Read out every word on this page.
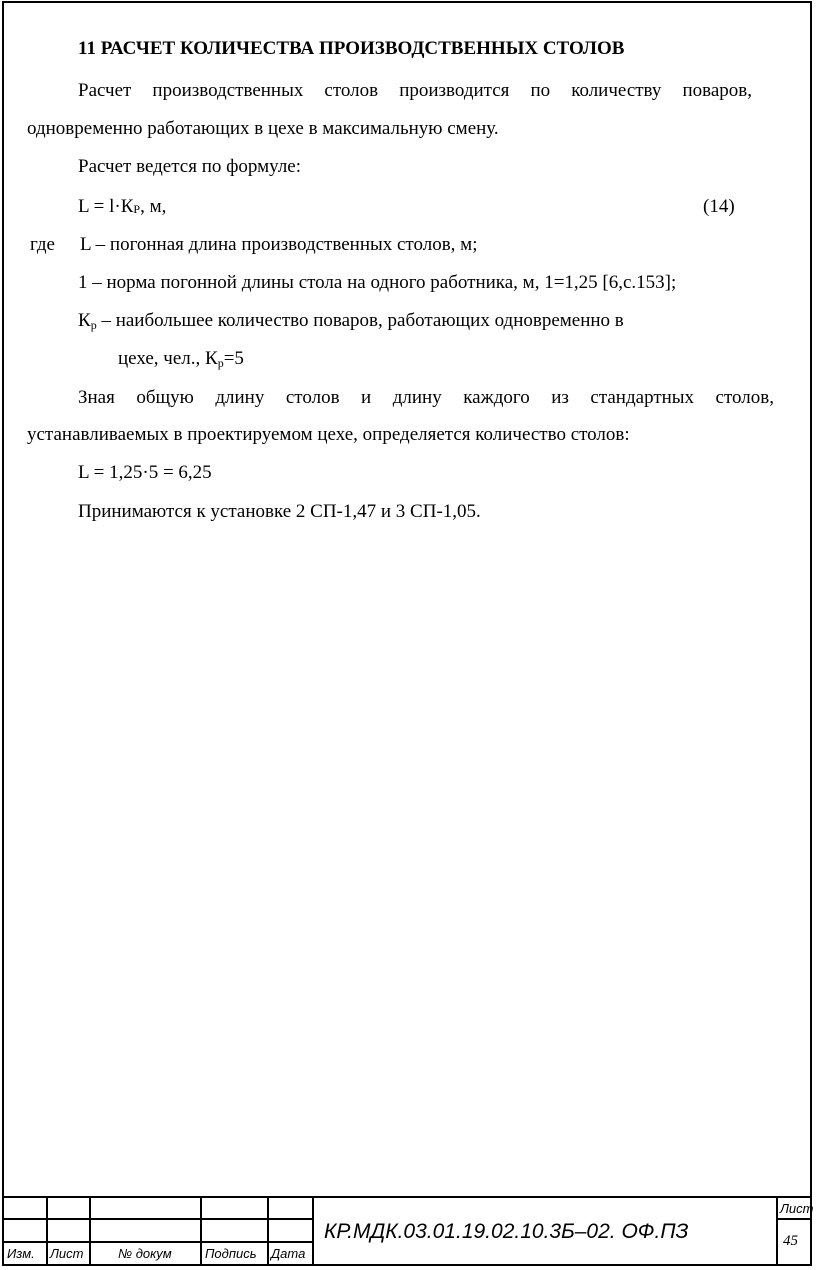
11 РАСЧЕТ КОЛИЧЕСТВА ПРОИЗВОДСТВЕННЫХ СТОЛОВ
Расчет производственных столов производится по количеству поваров,
одновременно работающих в цехе в максимальную смену.
Расчет ведется по формуле:
L = l·КР, м,	(14)
где L – погонная длина производственных столов, м;
1 – норма погонной длины стола на одного работника, м, 1=1,25 [6,с.153];
$К_р$ – наибольшее количество поваров, работающих одновременно в
цехе, чел., $К_р=5$
Зная общую длину столов и длину каждого из стандартных столов,
устанавливаемых в проектируемом цехе, определяется количество столов:
L = 1,25·5 = 6,25
Принимаются к установке 2 СП-1,47 и 3 СП-1,05.
Изм. Лист	№ докум	Подпись Дата
КР.МДК.03.01.19.02.10.3Б–02. ОФ.ПЗ
Лист
45
